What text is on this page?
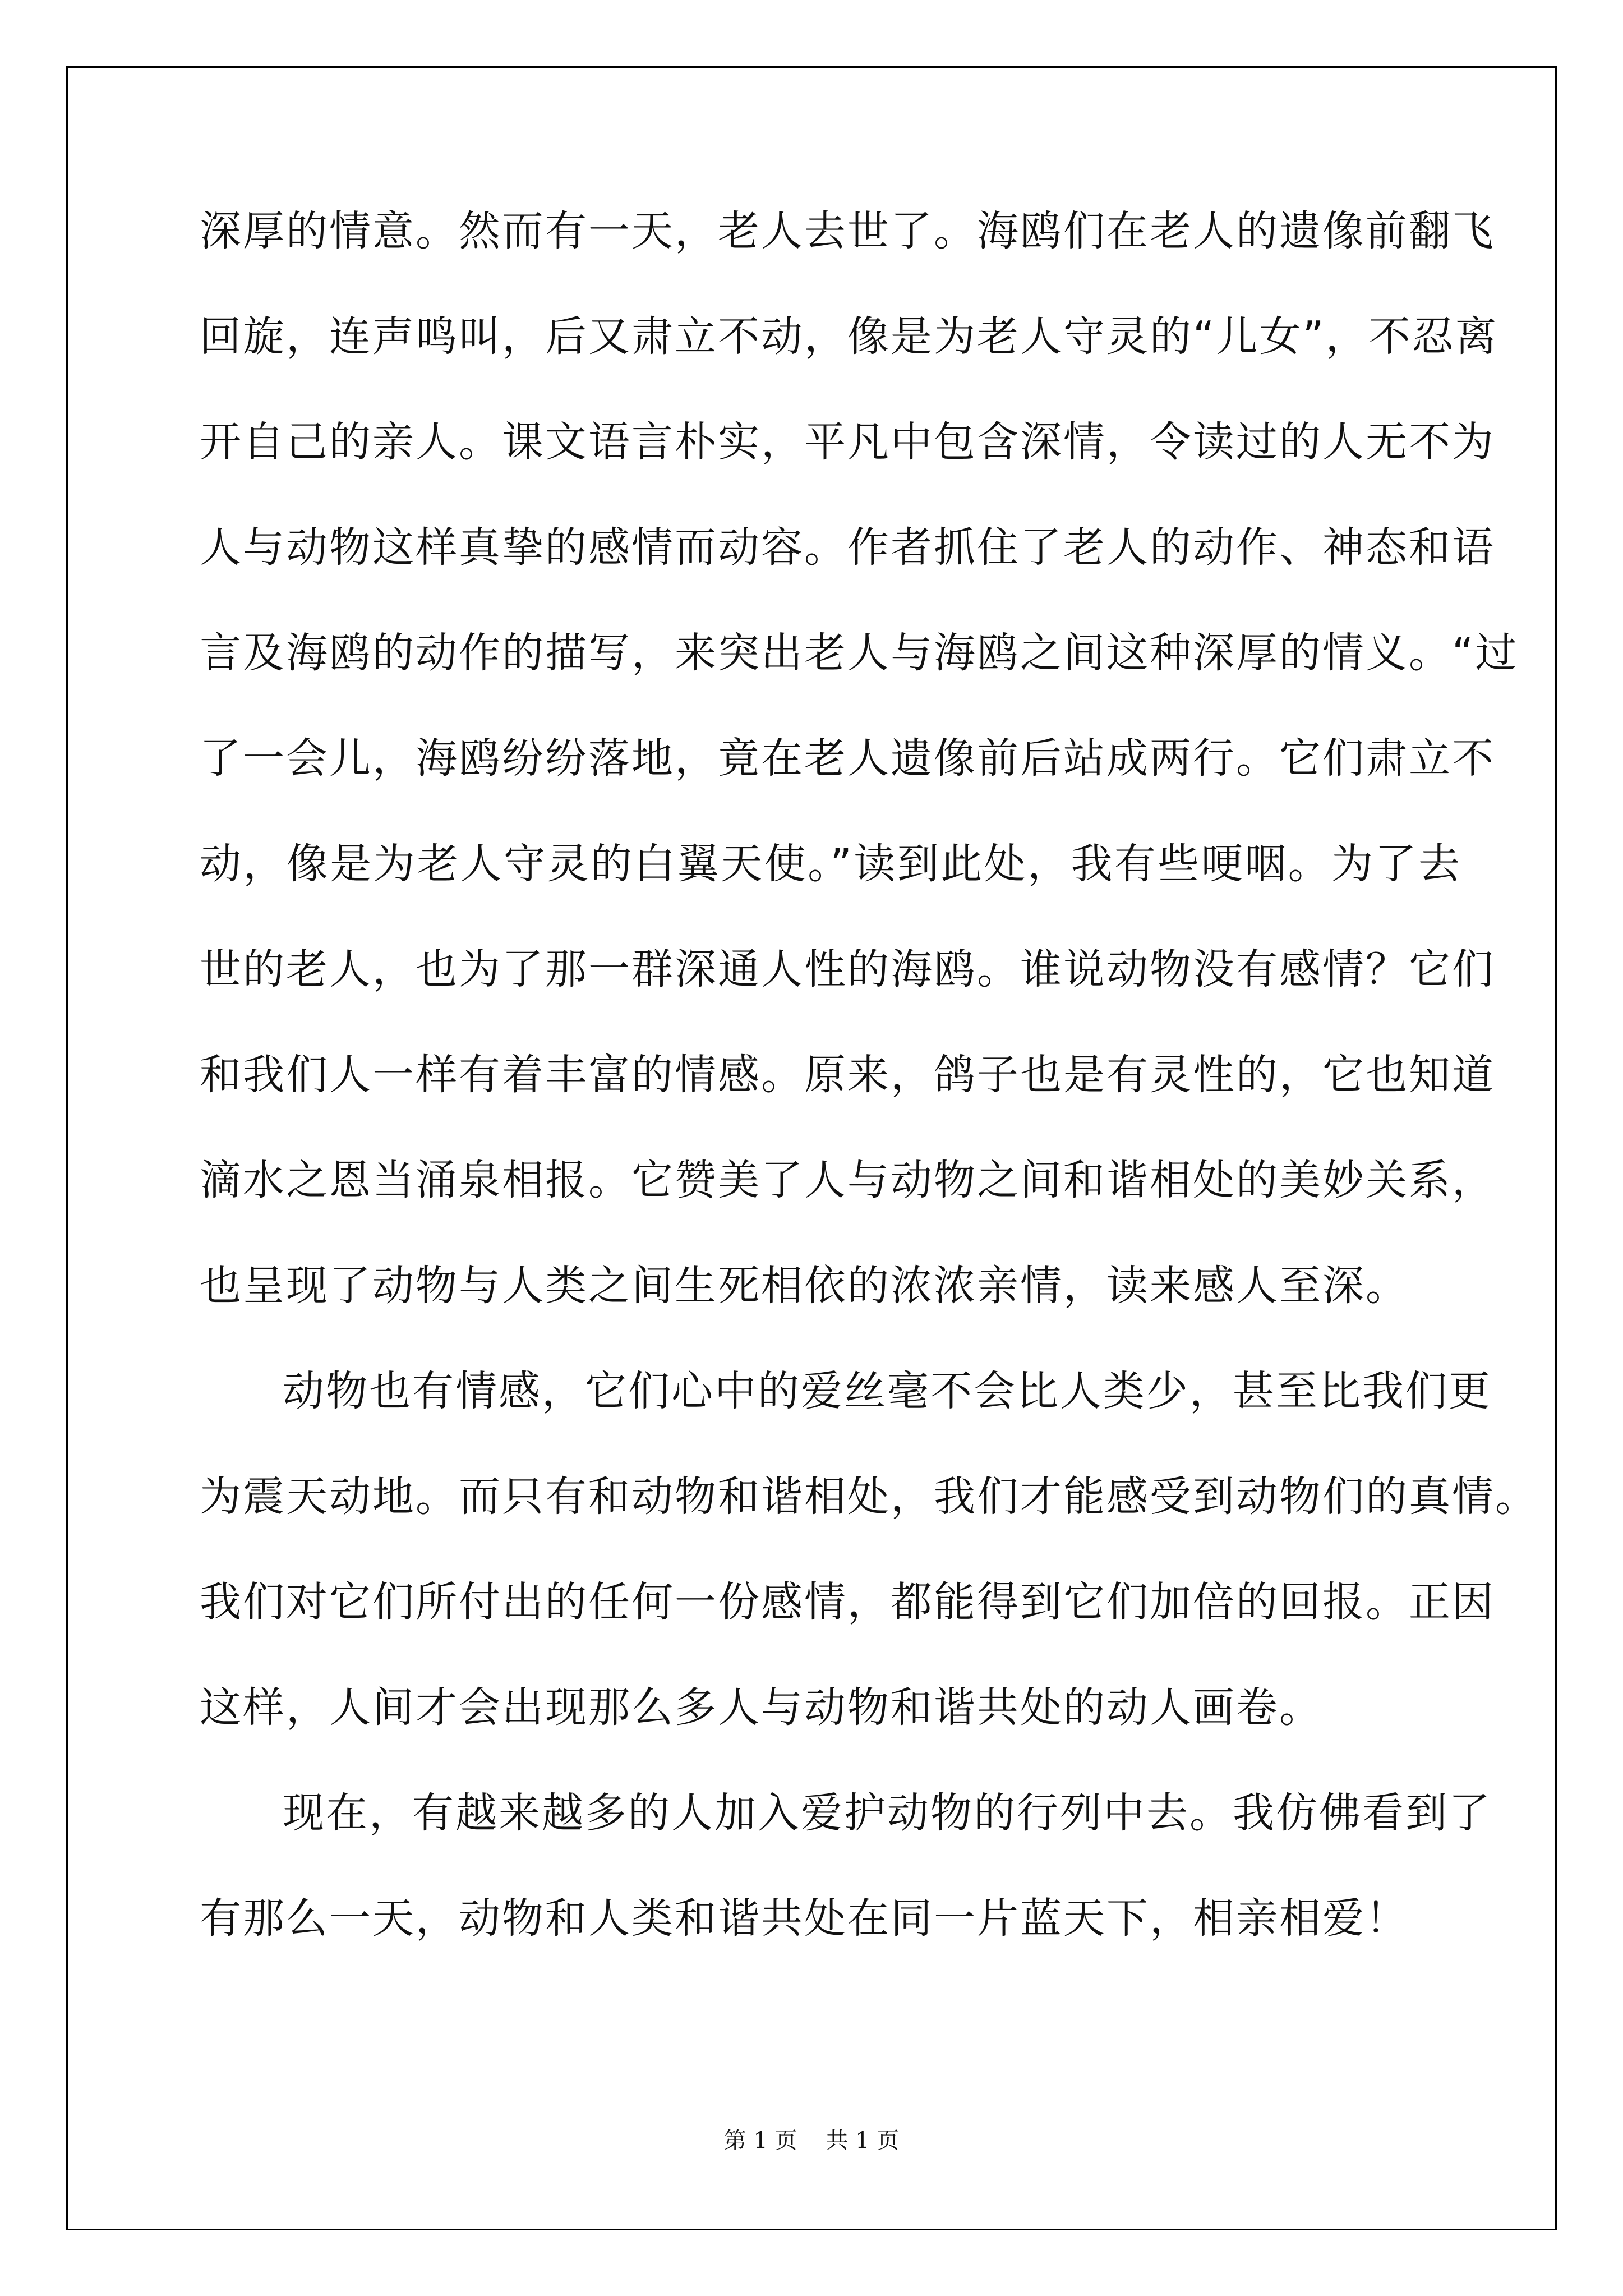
深厚的情意。然而有一天，老人去世了。海鸥们在老人的遗像前翻飞
回旋，连声鸣叫，后又肃立不动，像是为老人守灵的“儿女”，不忍离
开自己的亲人。课文语言朴实，平凡中包含深情，令读过的人无不为
人与动物这样真挚的感情而动容。作者抓住了老人的动作、神态和语
言及海鸥的动作的描写，来突出老人与海鸥之间这种深厚的情义。“过
了一会儿，海鸥纷纷落地，竟在老人遗像前后站成两行。它们肃立不
动，像是为老人守灵的白翼天使。”读到此处，我有些哽咽。为了去
世的老人，也为了那一群深通人性的海鸥。谁说动物没有感情？它们
和我们人一样有着丰富的情感。原来，鸽子也是有灵性的，它也知道
滴水之恩当涌泉相报。它赞美了人与动物之间和谐相处的美妙关系，
也呈现了动物与人类之间生死相依的浓浓亲情，读来感人至深。
动物也有情感，它们心中的爱丝毫不会比人类少，甚至比我们更
为震天动地。而只有和动物和谐相处，我们才能感受到动物们的真情。
我们对它们所付出的任何一份感情，都能得到它们加倍的回报。正因
这样，人间才会出现那么多人与动物和谐共处的动人画卷。
现在，有越来越多的人加入爱护动物的行列中去。我仿佛看到了
有那么一天，动物和人类和谐共处在同一片蓝天下，相亲相爱！
第 1 页 共 1 页
